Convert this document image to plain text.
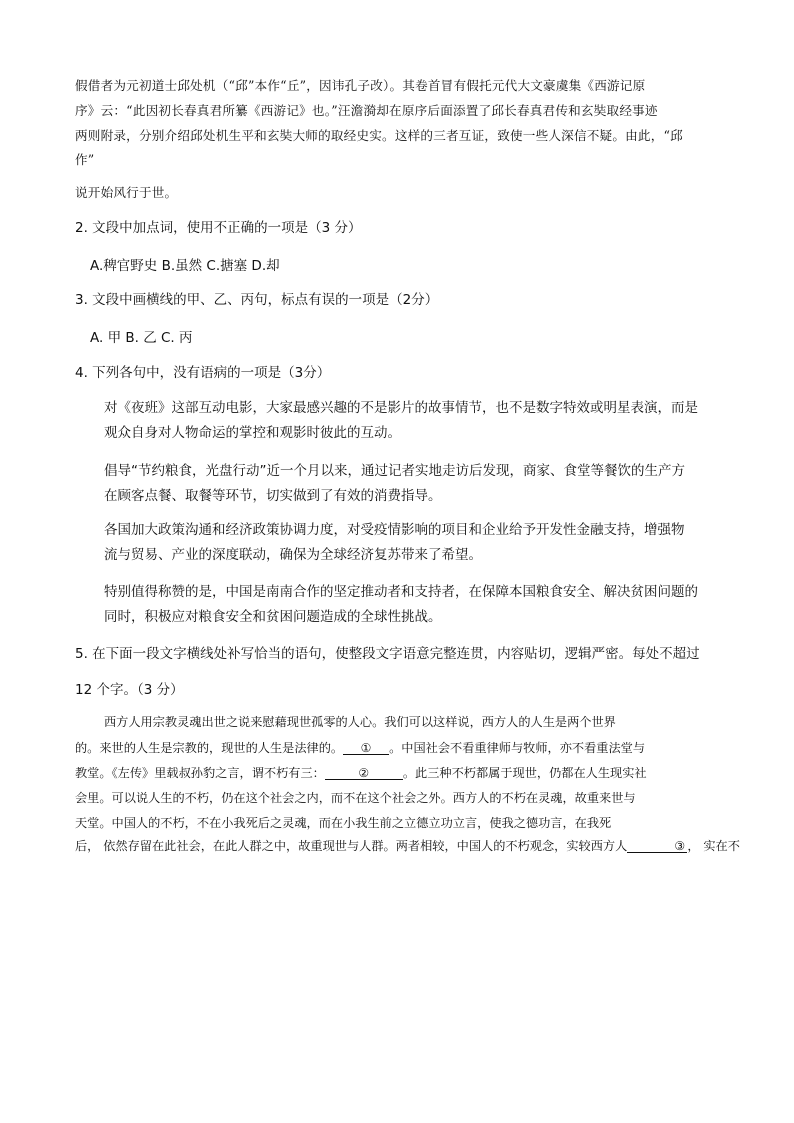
假借者为元初道士邱处机（“邱”本作“丘”，因讳孔子改）。其卷首冒有假托元代大文豪虞集《西游记原
序》云：“此因初长春真君所纂《西游记》也。”汪澹漪却在原序后面添置了邱长春真君传和玄奘取经事迹
两则附录，分别介绍邱处机生平和玄奘大师的取经史实。这样的三者互证，致使一些人深信不疑。由此，“邱
作”
说开始风行于世。
2. 文段中加点词，使用不正确的一项是（3 分）
A.稗官野史 B.虽然 C.搪塞 D.却
3. 文段中画横线的甲、乙、丙句，标点有误的一项是（2分）
A. 甲 B. 乙 C. 丙
4. 下列各句中，没有语病的一项是（3分）
对《夜班》这部互动电影，大家最感兴趣的不是影片的故事情节，也不是数字特效或明星表演，而是
观众自身对人物命运的掌控和观影时彼此的互动。
倡导“节约粮食，光盘行动”近一个月以来，通过记者实地走访后发现，商家、食堂等餐饮的生产方
在顾客点餐、取餐等环节，切实做到了有效的消费指导。
各国加大政策沟通和经济政策协调力度，对受疫情影响的项目和企业给予开发性金融支持，增强物
流与贸易、产业的深度联动，确保为全球经济复苏带来了希望。
特别值得称赞的是，中国是南南合作的坚定推动者和支持者，在保障本国粮食安全、解决贫困问题的
同时，积极应对粮食安全和贫困问题造成的全球性挑战。
5. 在下面一段文字横线处补写恰当的语句，使整段文字语意完整连贯，内容贴切，逻辑严密。每处不超过
12 个字。（3 分）
西方人用宗教灵魂出世之说来慰藉现世孤零的人心。我们可以这样说，西方人的人生是两个世界
的。来世的人生是宗教的，现世的人生是法律的。 ① 。中国社会不看重律师与牧师，亦不看重法堂与
教堂。《左传》里载叔孙豹之言，谓不朽有三：	②	。此三种不朽都属于现世，仍都在人生现实社
会里。可以说人生的不朽，仍在这个社会之内，而不在这个社会之外。西方人的不朽在灵魂，故重来世与
天堂。中国人的不朽，不在小我死后之灵魂，而在小我生前之立德立功立言，使我之德功言，在我死
后， 依然存留在此社会，在此人群之中，故重现世与人群。两者相较，中国人的不朽观念，实较西方人	③ ， 实在不
